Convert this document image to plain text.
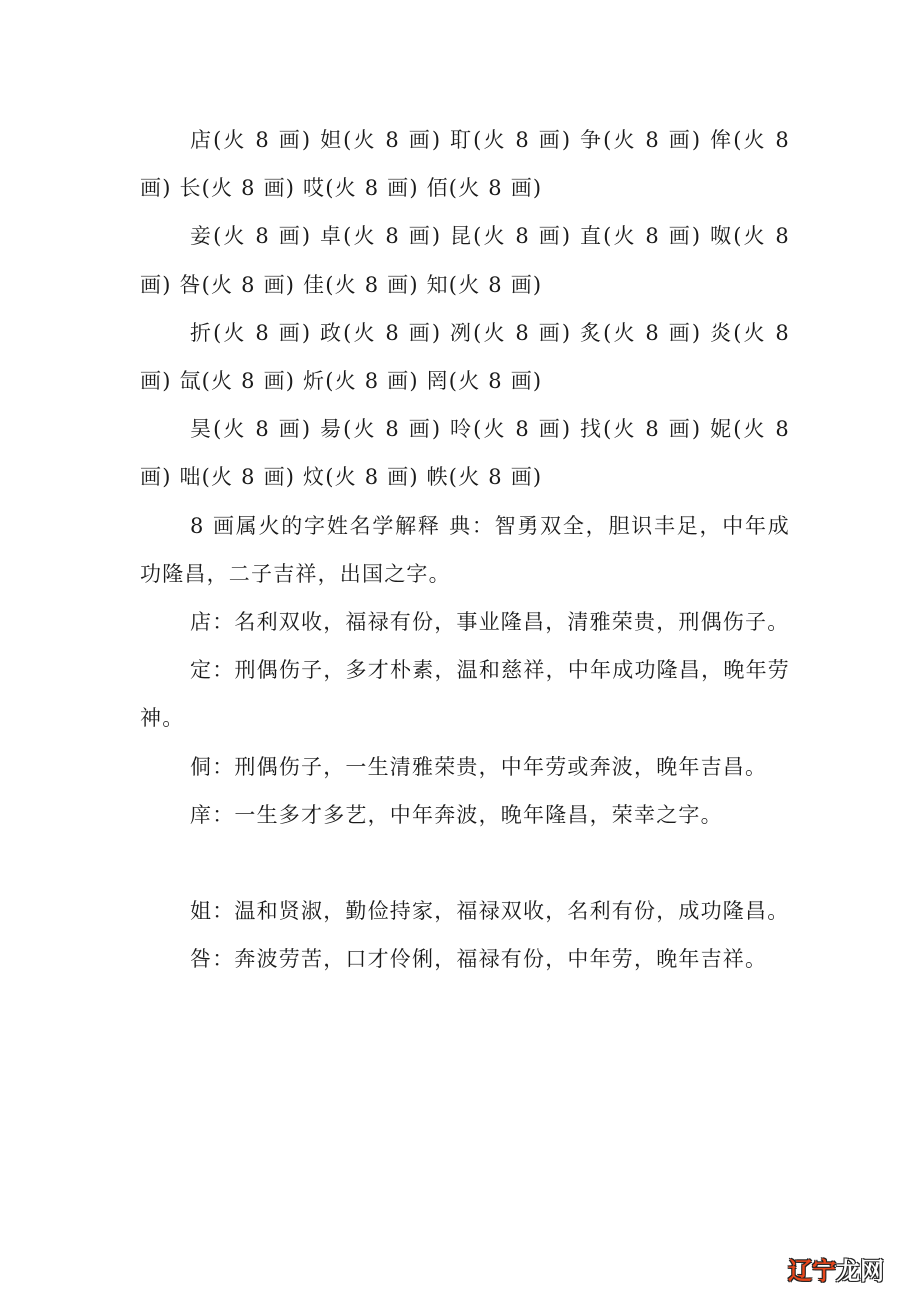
店(火 8 画) 妲(火 8 画) 耵(火 8 画) 争(火 8 画) 侔(火 8 画) 长(火 8 画) 哎(火 8 画) 佰(火 8 画)

妾(火 8 画) 卓(火 8 画) 昆(火 8 画) 直(火 8 画) 呶(火 8 画) 咎(火 8 画) 佳(火 8 画) 知(火 8 画)

折(火 8 画) 政(火 8 画) 冽(火 8 画) 炙(火 8 画) 炎(火 8 画) 氙(火 8 画) 炘(火 8 画) 罔(火 8 画)

昊(火 8 画) 昜(火 8 画) 呤(火 8 画) 找(火 8 画) 妮(火 8 画) 咄(火 8 画) 炆(火 8 画) 帙(火 8 画)

8 画属火的字姓名学解释 典：智勇双全，胆识丰足，中年成功隆昌，二子吉祥，出国之字。

店：名利双收，福禄有份，事业隆昌，清雅荣贵，刑偶伤子。

定：刑偶伤子，多才朴素，温和慈祥，中年成功隆昌，晚年劳神。

侗：刑偶伤子，一生清雅荣贵，中年劳或奔波，晚年吉昌。

庠：一生多才多艺，中年奔波，晚年隆昌，荣幸之字。

姐：温和贤淑，勤俭持家，福禄双收，名利有份，成功隆昌。

咎：奔波劳苦，口才伶俐，福禄有份，中年劳，晚年吉祥。

辽宁 龙网
